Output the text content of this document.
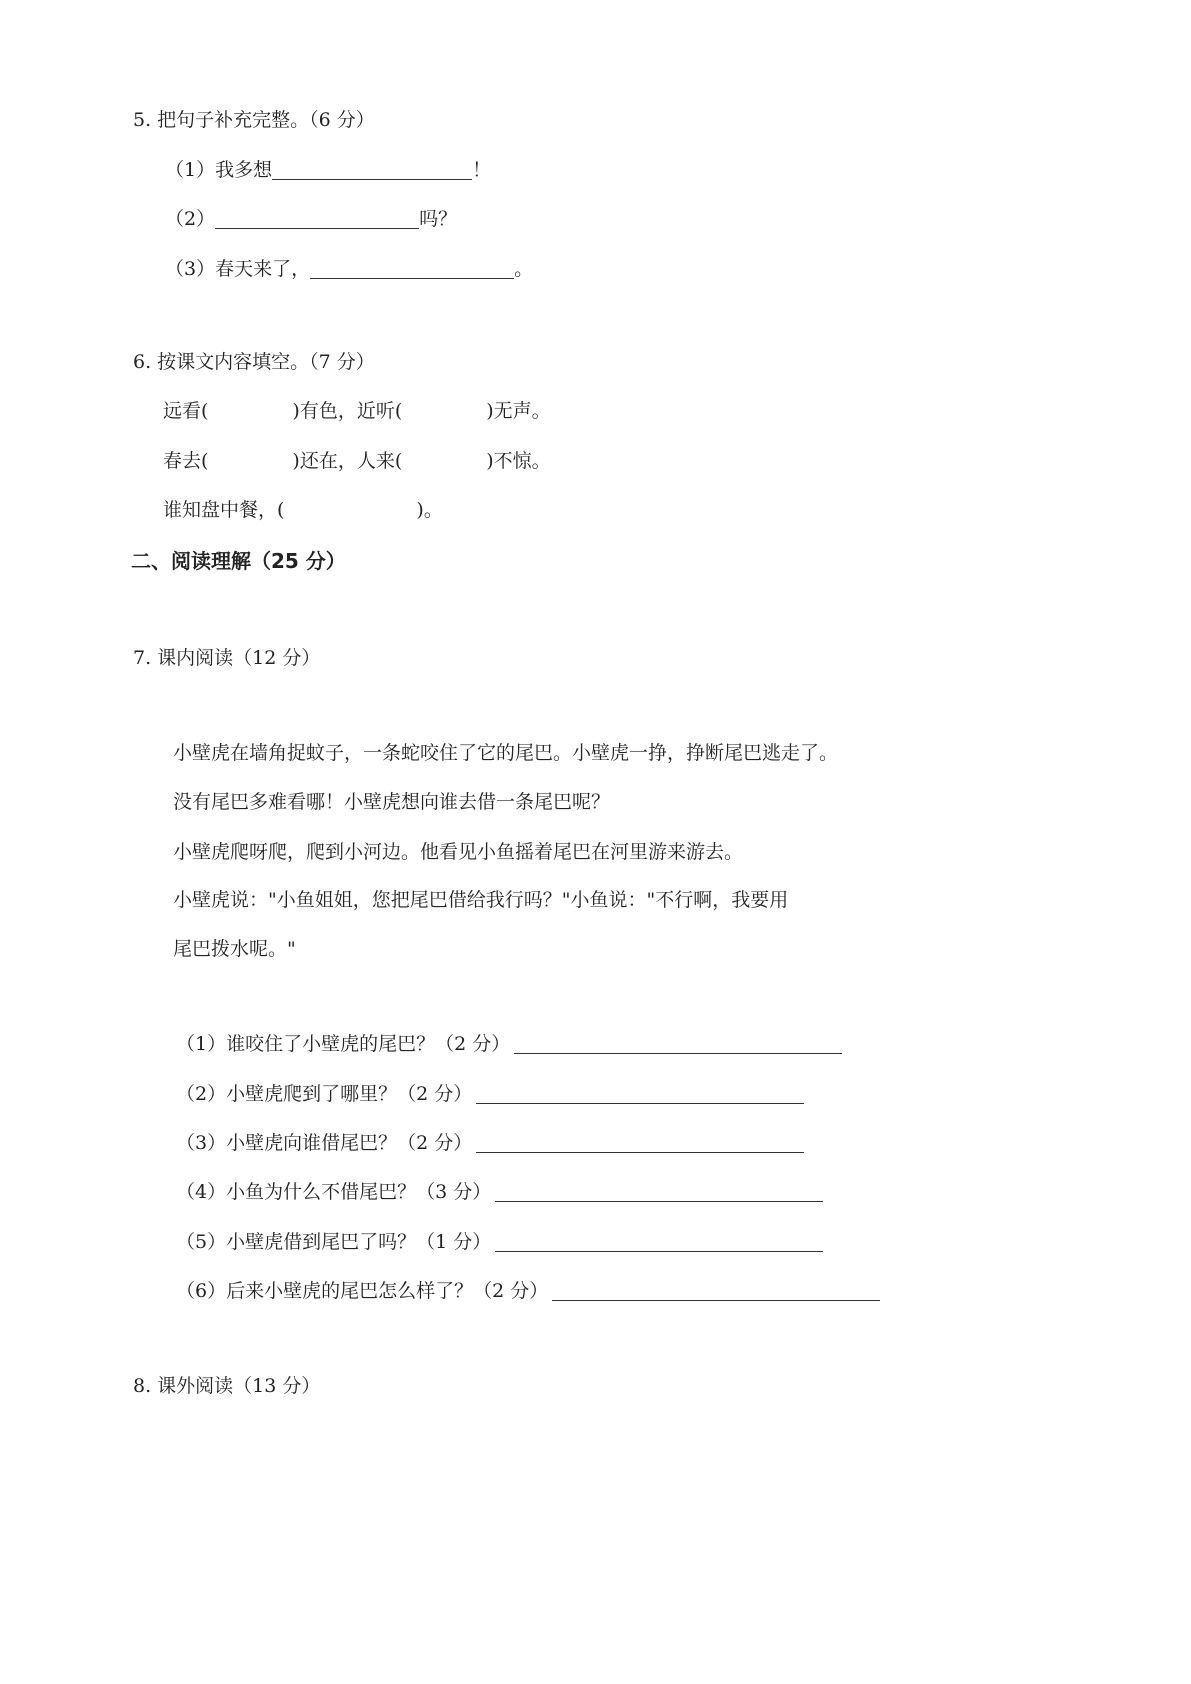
5. 把句子补充完整。（6 分）
（1）我多想	！
（2）	吗？
（3）春天来了，	。
6. 按课文内容填空。（7 分）
远看(	)有色，近听(	)无声。
春去(	)还在，人来(	)不惊。
谁知盘中餐，(	)。
二、阅读理解（25 分）
7. 课内阅读（12 分）
小壁虎在墙角捉蚊子，一条蛇咬住了它的尾巴。小壁虎一挣，挣断尾巴逃走了。
没有尾巴多难看哪！小壁虎想向谁去借一条尾巴呢？
小壁虎爬呀爬，爬到小河边。他看见小鱼摇着尾巴在河里游来游去。
小壁虎说："小鱼姐姐，您把尾巴借给我行吗？"小鱼说："不行啊，我要用
尾巴拨水呢。"
（1）谁咬住了小壁虎的尾巴？（2 分）
（2）小壁虎爬到了哪里？（2 分）
（3）小壁虎向谁借尾巴？（2 分）
（4）小鱼为什么不借尾巴？（3 分）
（5）小壁虎借到尾巴了吗？（1 分）
（6）后来小壁虎的尾巴怎么样了？（2 分）
8. 课外阅读（13 分）
